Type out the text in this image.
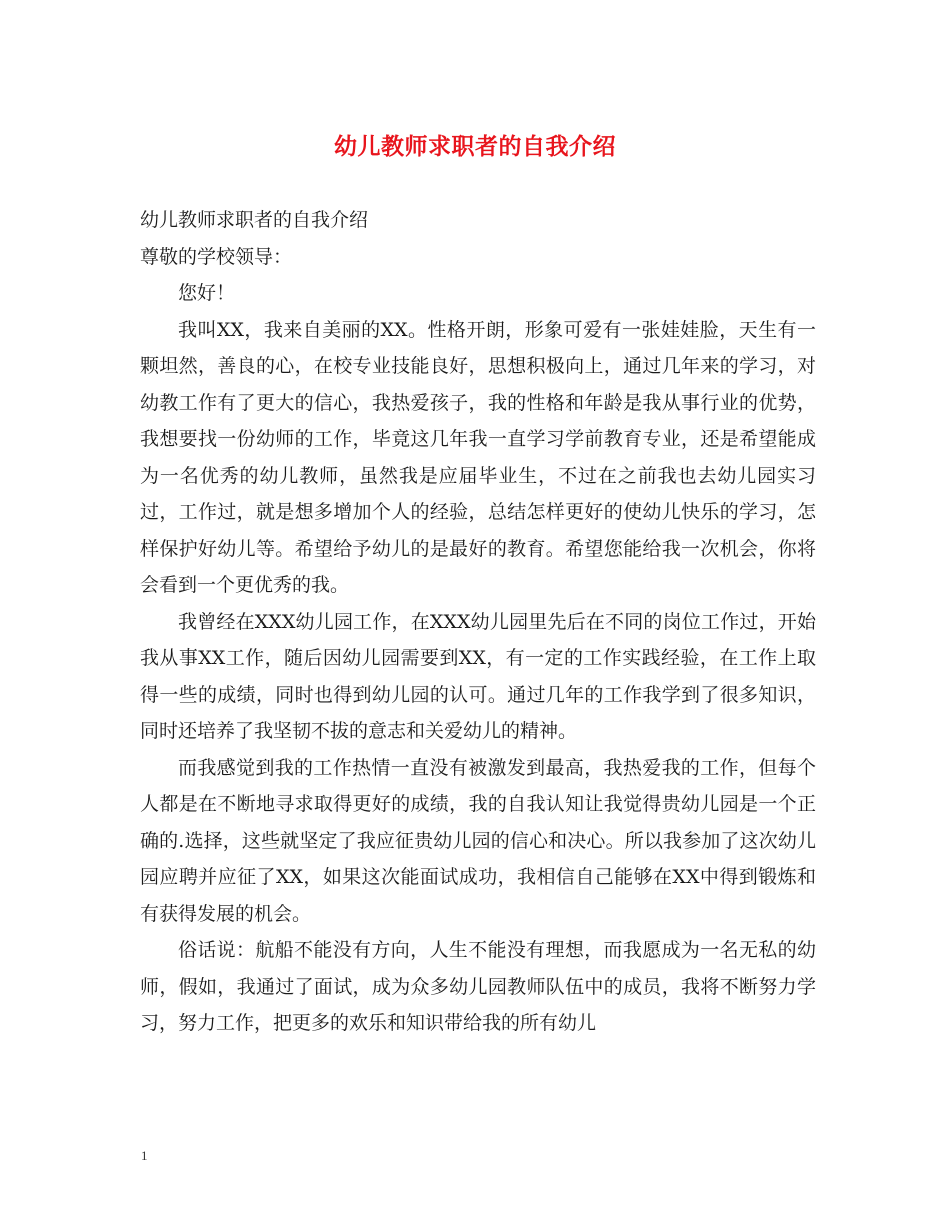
幼儿教师求职者的自我介绍

幼儿教师求职者的自我介绍

尊敬的学校领导：

您好！

我叫XX，我来自美丽的XX。性格开朗，形象可爱有一张娃娃脸，天生有一颗坦然，善良的心，在校专业技能良好，思想积极向上，通过几年来的学习，对幼教工作有了更大的信心，我热爱孩子，我的性格和年龄是我从事行业的优势，我想要找一份幼师的工作，毕竟这几年我一直学习学前教育专业，还是希望能成为一名优秀的幼儿教师，虽然我是应届毕业生，不过在之前我也去幼儿园实习过，工作过，就是想多增加个人的经验，总结怎样更好的使幼儿快乐的学习，怎样保护好幼儿等。希望给予幼儿的是最好的教育。希望您能给我一次机会，你将会看到一个更优秀的我。

我曾经在XXX幼儿园工作，在XXX幼儿园里先后在不同的岗位工作过，开始我从事XX工作，随后因幼儿园需要到XX，有一定的工作实践经验，在工作上取得一些的成绩，同时也得到幼儿园的认可。通过几年的工作我学到了很多知识，同时还培养了我坚韧不拔的意志和关爱幼儿的精神。

而我感觉到我的工作热情一直没有被激发到最高，我热爱我的工作，但每个人都是在不断地寻求取得更好的成绩，我的自我认知让我觉得贵幼儿园是一个正确的.选择，这些就坚定了我应征贵幼儿园的信心和决心。所以我参加了这次幼儿园应聘并应征了XX，如果这次能面试成功，我相信自己能够在XX中得到锻炼和有获得发展的机会。

俗话说：航船不能没有方向，人生不能没有理想，而我愿成为一名无私的幼师，假如，我通过了面试，成为众多幼儿园教师队伍中的成员，我将不断努力学习，努力工作，把更多的欢乐和知识带给我的所有幼儿

1
